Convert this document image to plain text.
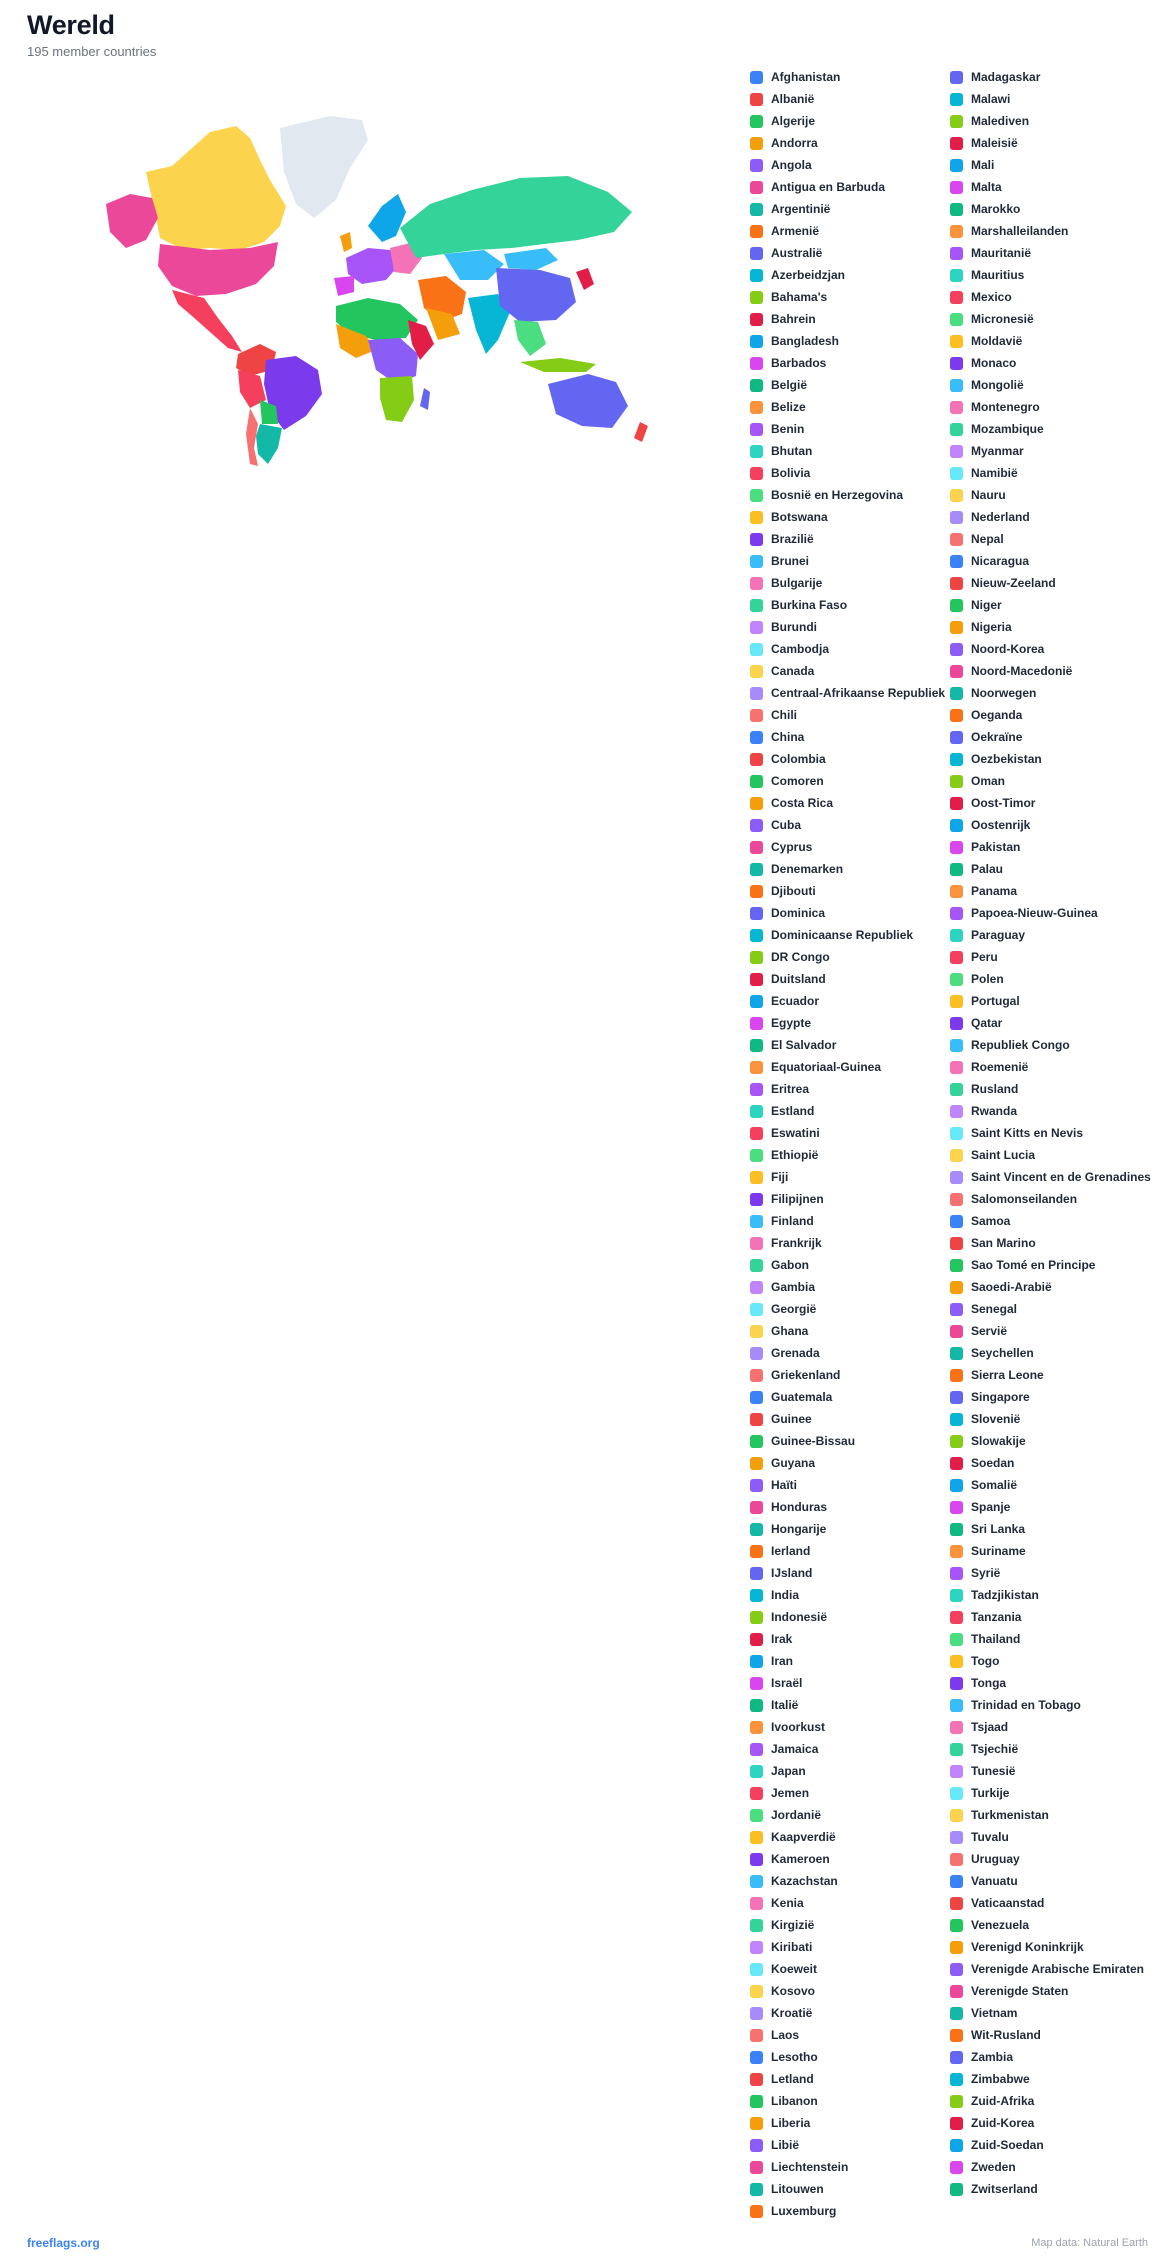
Wereld
195 member countries
Afghanistan
Albanië
Algerije
Andorra
Angola
Antigua en Barbuda
Argentinië
Armenië
Australië
Azerbeidzjan
Bahama's
Bahrein
Bangladesh
Barbados
België
Belize
Benin
Bhutan
Bolivia
Bosnië en Herzegovina
Botswana
Brazilië
Brunei
Bulgarije
Burkina Faso
Burundi
Cambodja
Canada
Centraal-Afrikaanse Republiek
Chili
China
Colombia
Comoren
Costa Rica
Cuba
Cyprus
Denemarken
Djibouti
Dominica
Dominicaanse Republiek
DR Congo
Duitsland
Ecuador
Egypte
El Salvador
Equatoriaal-Guinea
Eritrea
Estland
Eswatini
Ethiopië
Fiji
Filipijnen
Finland
Frankrijk
Gabon
Gambia
Georgië
Ghana
Grenada
Griekenland
Guatemala
Guinee
Guinee-Bissau
Guyana
Haïti
Honduras
Hongarije
Ierland
IJsland
India
Indonesië
Irak
Iran
Israël
Italië
Ivoorkust
Jamaica
Japan
Jemen
Jordanië
Kaapverdië
Kameroen
Kazachstan
Kenia
Kirgizië
Kiribati
Koeweit
Kosovo
Kroatië
Laos
Lesotho
Letland
Libanon
Liberia
Libië
Liechtenstein
Litouwen
Luxemburg
Madagaskar
Malawi
Malediven
Maleisië
Mali
Malta
Marokko
Marshalleilanden
Mauritanië
Mauritius
Mexico
Micronesië
Moldavië
Monaco
Mongolië
Montenegro
Mozambique
Myanmar
Namibië
Nauru
Nederland
Nepal
Nicaragua
Nieuw-Zeeland
Niger
Nigeria
Noord-Korea
Noord-Macedonië
Noorwegen
Oeganda
Oekraïne
Oezbekistan
Oman
Oost-Timor
Oostenrijk
Pakistan
Palau
Panama
Papoea-Nieuw-Guinea
Paraguay
Peru
Polen
Portugal
Qatar
Republiek Congo
Roemenië
Rusland
Rwanda
Saint Kitts en Nevis
Saint Lucia
Saint Vincent en de Grenadines
Salomonseilanden
Samoa
San Marino
Sao Tomé en Principe
Saoedi-Arabië
Senegal
Servië
Seychellen
Sierra Leone
Singapore
Slovenië
Slowakije
Soedan
Somalië
Spanje
Sri Lanka
Suriname
Syrië
Tadzjikistan
Tanzania
Thailand
Togo
Tonga
Trinidad en Tobago
Tsjaad
Tsjechië
Tunesië
Turkije
Turkmenistan
Tuvalu
Uruguay
Vanuatu
Vaticaanstad
Venezuela
Verenigd Koninkrijk
Verenigde Arabische Emiraten
Verenigde Staten
Vietnam
Wit-Rusland
Zambia
Zimbabwe
Zuid-Afrika
Zuid-Korea
Zuid-Soedan
Zweden
Zwitserland
freeflags.org	Map data: Natural Earth
